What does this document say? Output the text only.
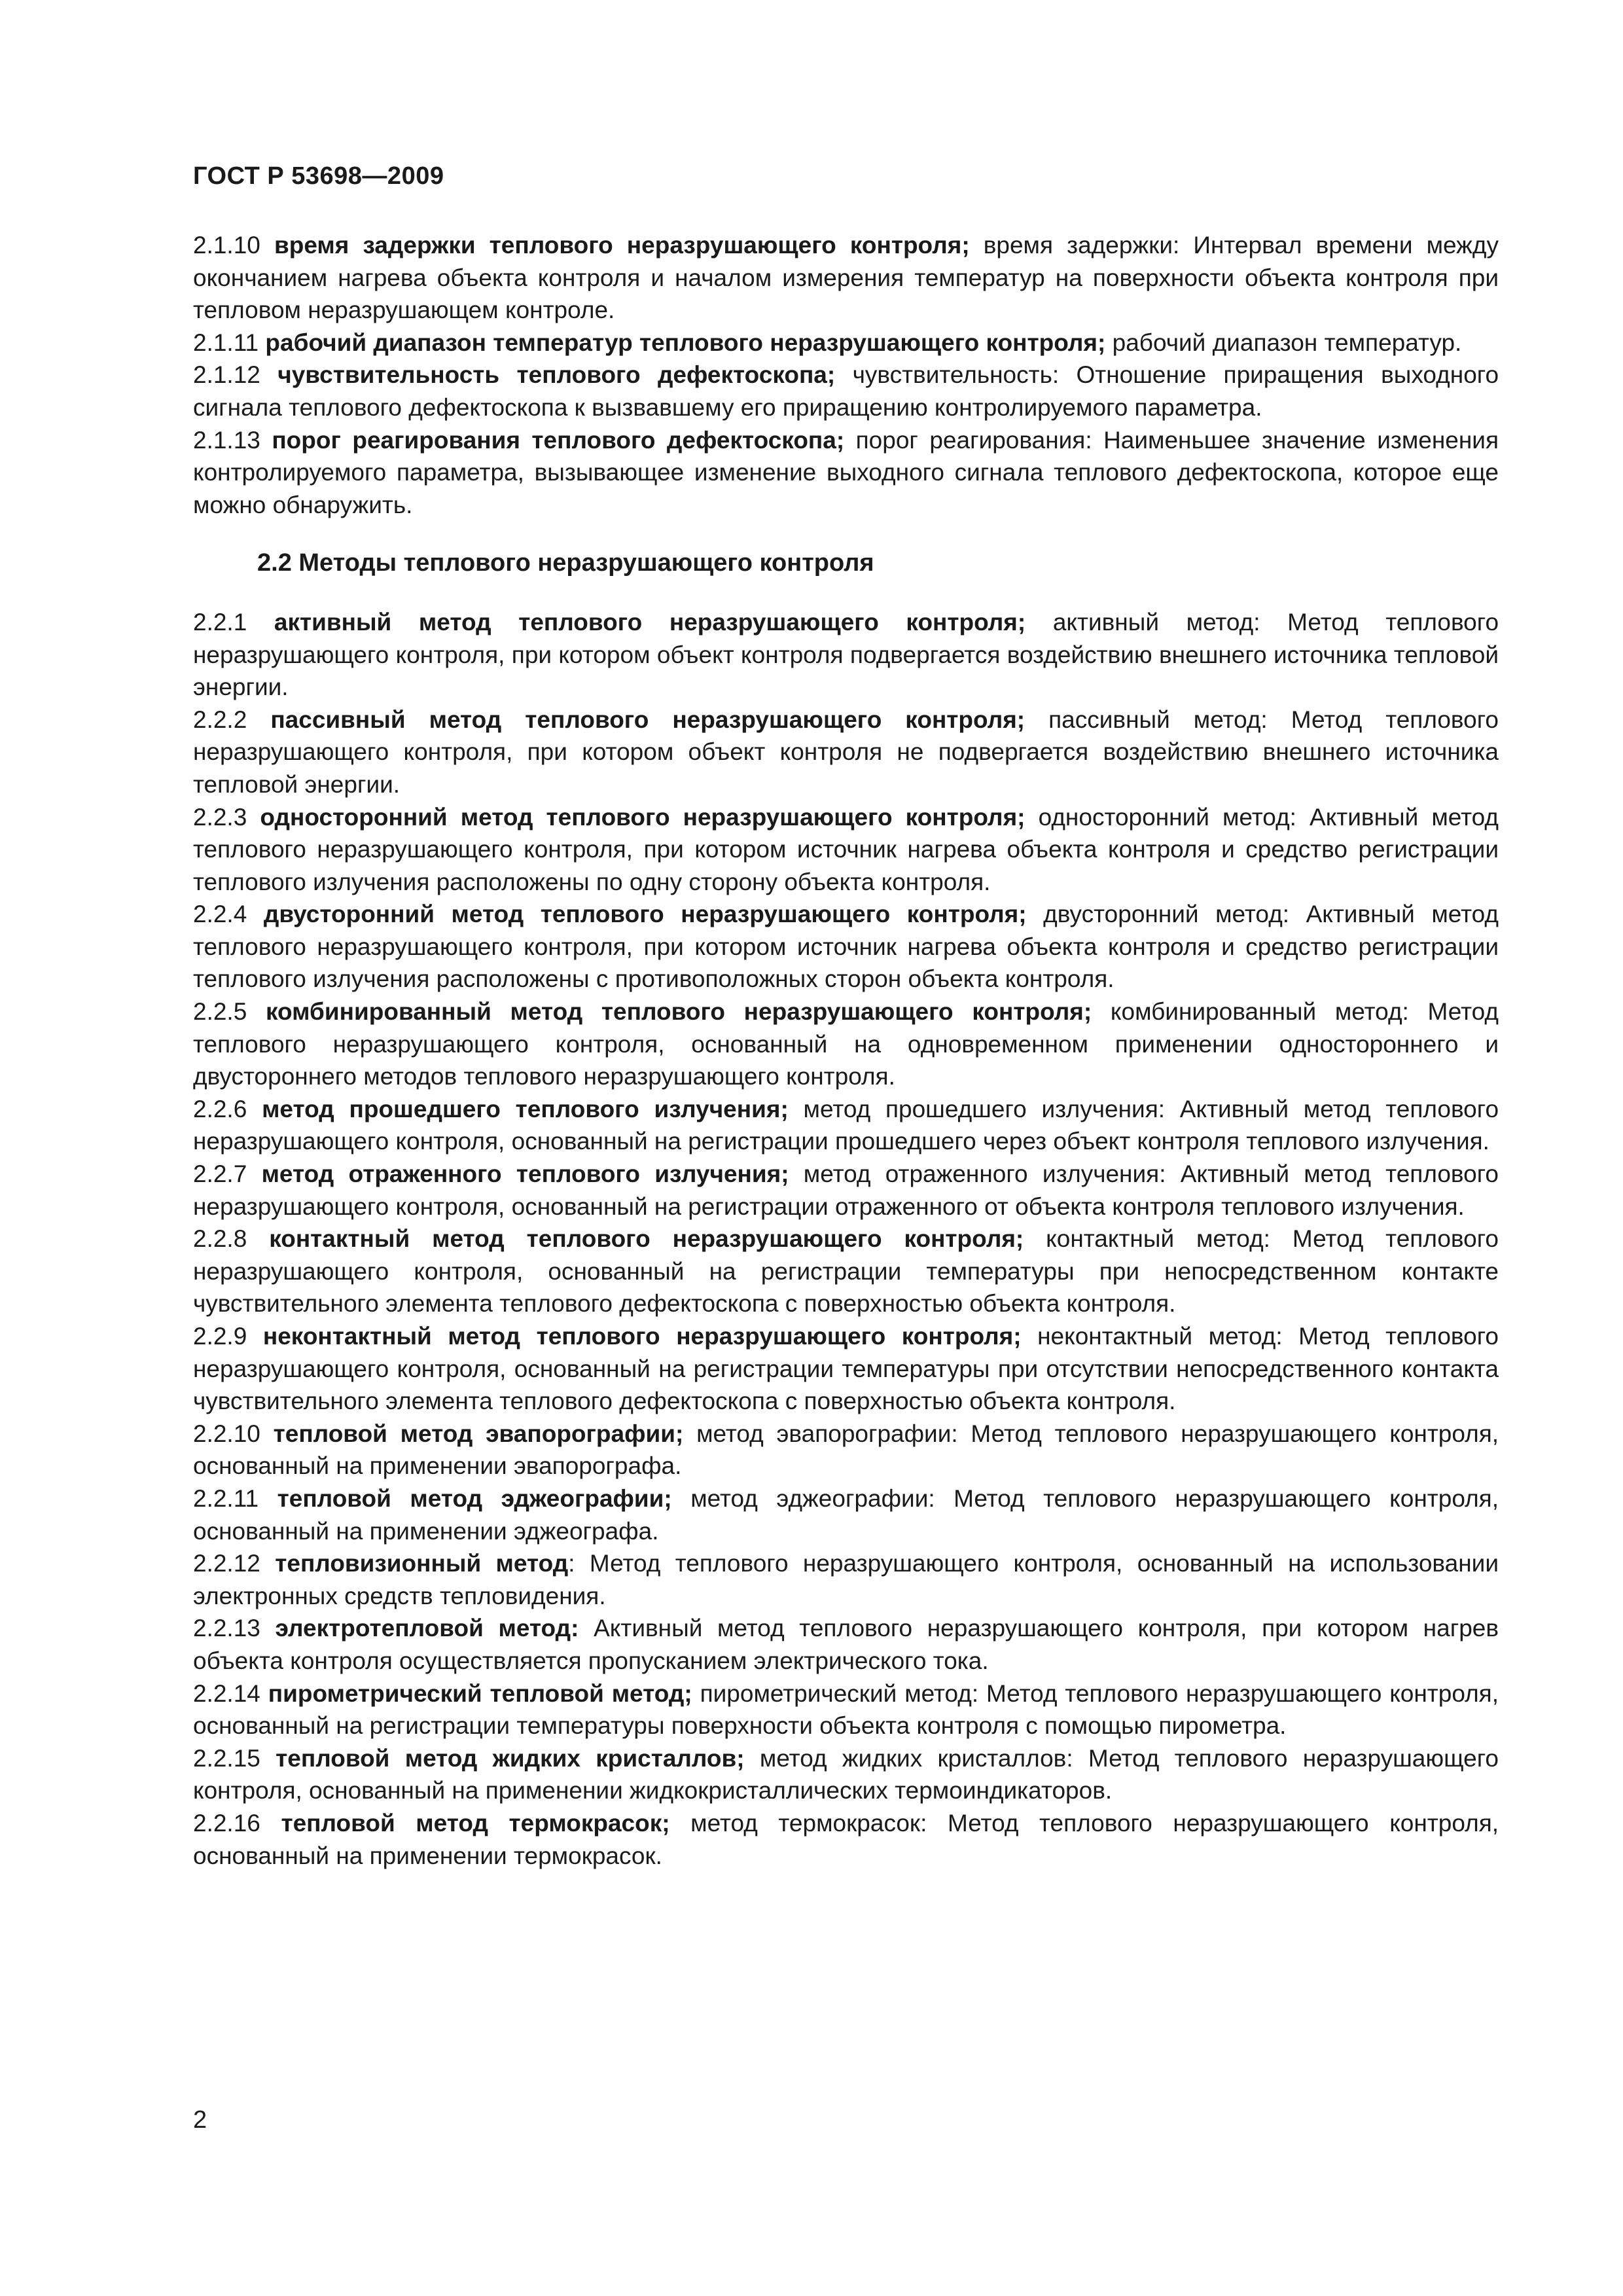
ГОСТ Р 53698—2009

2.1.10 время задержки теплового неразрушающего контроля; время задержки: Интервал времени между окончанием нагрева объекта контроля и началом измерения температур на поверхности объекта контроля при тепловом неразрушающем контроле.

2.1.11 рабочий диапазон температур теплового неразрушающего контроля; рабочий диапазон температур.

2.1.12 чувствительность теплового дефектоскопа; чувствительность: Отношение приращения выходного сигнала теплового дефектоскопа к вызвавшему его приращению контролируемого параметра.

2.1.13 порог реагирования теплового дефектоскопа; порог реагирования: Наименьшее значение изменения контролируемого параметра, вызывающее изменение выходного сигнала теплового дефектоскопа, которое еще можно обнаружить.

2.2 Методы теплового неразрушающего контроля

2.2.1 активный метод теплового неразрушающего контроля; активный метод: Метод теплового неразрушающего контроля, при котором объект контроля подвергается воздействию внешнего источника тепловой энергии.

2.2.2 пассивный метод теплового неразрушающего контроля; пассивный метод: Метод теплового неразрушающего контроля, при котором объект контроля не подвергается воздействию внешнего источника тепловой энергии.

2.2.3 односторонний метод теплового неразрушающего контроля; односторонний метод: Активный метод теплового неразрушающего контроля, при котором источник нагрева объекта контроля и средство регистрации теплового излучения расположены по одну сторону объекта контроля.

2.2.4 двусторонний метод теплового неразрушающего контроля; двусторонний метод: Активный метод теплового неразрушающего контроля, при котором источник нагрева объекта контроля и средство регистрации теплового излучения расположены с противоположных сторон объекта контроля.

2.2.5 комбинированный метод теплового неразрушающего контроля; комбинированный метод: Метод теплового неразрушающего контроля, основанный на одновременном применении одностороннего и двустороннего методов теплового неразрушающего контроля.

2.2.6 метод прошедшего теплового излучения; метод прошедшего излучения: Активный метод теплового неразрушающего контроля, основанный на регистрации прошедшего через объект контроля теплового излучения.

2.2.7 метод отраженного теплового излучения; метод отраженного излучения: Активный метод теплового неразрушающего контроля, основанный на регистрации отраженного от объекта контроля теплового излучения.

2.2.8 контактный метод теплового неразрушающего контроля; контактный метод: Метод теплового неразрушающего контроля, основанный на регистрации температуры при непосредственном контакте чувствительного элемента теплового дефектоскопа с поверхностью объекта контроля.

2.2.9 неконтактный метод теплового неразрушающего контроля; неконтактный метод: Метод теплового неразрушающего контроля, основанный на регистрации температуры при отсутствии непосредственного контакта чувствительного элемента теплового дефектоскопа с поверхностью объекта контроля.

2.2.10 тепловой метод эвапорографии; метод эвапорографии: Метод теплового неразрушающего контроля, основанный на применении эвапорографа.

2.2.11 тепловой метод эджеографии; метод эджеографии: Метод теплового неразрушающего контроля, основанный на применении эджеографа.

2.2.12 тепловизионный метод: Метод теплового неразрушающего контроля, основанный на использовании электронных средств тепловидения.

2.2.13 электротепловой метод: Активный метод теплового неразрушающего контроля, при котором нагрев объекта контроля осуществляется пропусканием электрического тока.

2.2.14 пирометрический тепловой метод; пирометрический метод: Метод теплового неразрушающего контроля, основанный на регистрации температуры поверхности объекта контроля с помощью пирометра.

2.2.15 тепловой метод жидких кристаллов; метод жидких кристаллов: Метод теплового неразрушающего контроля, основанный на применении жидкокристаллических термоиндикаторов.

2.2.16 тепловой метод термокрасок; метод термокрасок: Метод теплового неразрушающего контроля, основанный на применении термокрасок.

2
